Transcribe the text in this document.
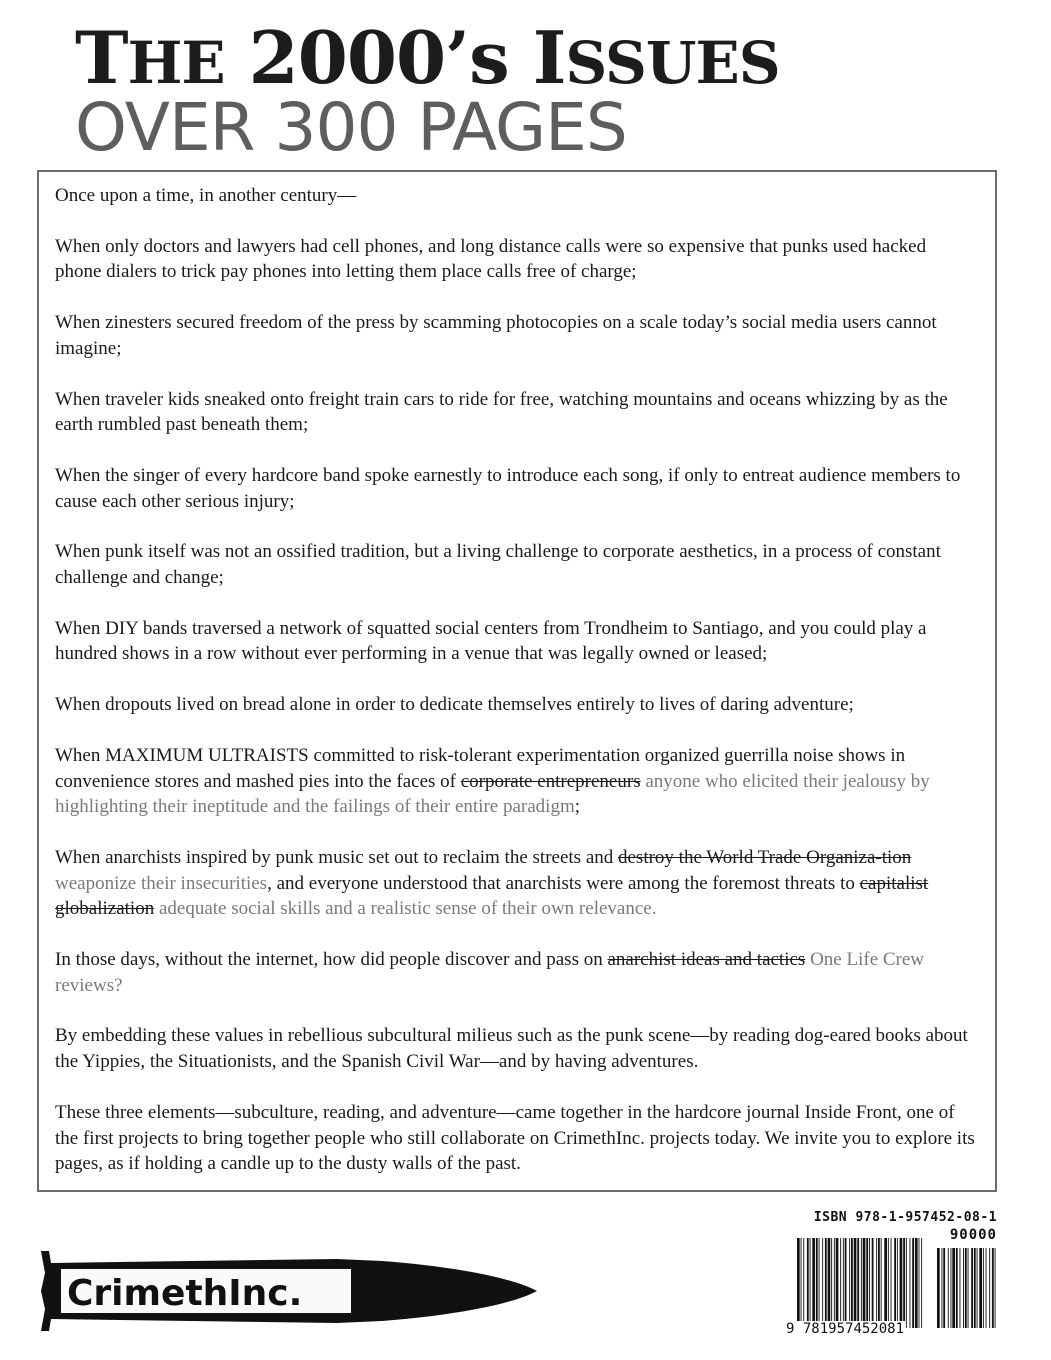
THE 2000’s ISSUES
OVER 300 PAGES

Once upon a time, in another century—

When only doctors and lawyers had cell phones, and long distance calls were so expensive that punks used hacked phone dialers to trick pay phones into letting them place calls free of charge;

When zinesters secured freedom of the press by scamming photocopies on a scale today’s social media users cannot imagine;

When traveler kids sneaked onto freight train cars to ride for free, watching mountains and oceans whizzing by as the earth rumbled past beneath them;

When the singer of every hardcore band spoke earnestly to introduce each song, if only to entreat audience members to cause each other serious injury;

When punk itself was not an ossified tradition, but a living challenge to corporate aesthetics, in a process of constant challenge and change;

When DIY bands traversed a network of squatted social centers from Trondheim to Santiago, and you could play a hundred shows in a row without ever performing in a venue that was legally owned or leased;

When dropouts lived on bread alone in order to dedicate themselves entirely to lives of daring adventure;

When MAXIMUM ULTRAISTS committed to risk-tolerant experimentation organized guerrilla noise shows in convenience stores and mashed pies into the faces of corporate entrepreneurs anyone who elicited their jealousy by highlighting their ineptitude and the failings of their entire paradigm;

When anarchists inspired by punk music set out to reclaim the streets and destroy the World Trade Organiza-tion weaponize their insecurities, and everyone understood that anarchists were among the foremost threats to capitalist globalization adequate social skills and a realistic sense of their own relevance.

In those days, without the internet, how did people discover and pass on anarchist ideas and tactics One Life Crew reviews?

By embedding these values in rebellious subcultural milieus such as the punk scene—by reading dog-eared books about the Yippies, the Situationists, and the Spanish Civil War—and by having adventures.

These three elements—subculture, reading, and adventure—came together in the hardcore journal Inside Front, one of the first projects to bring together people who still collaborate on CrimethInc. projects today. We invite you to explore its pages, as if holding a candle up to the dusty walls of the past.

CrimethInc.
ISBN 978-1-957452-08-1
90000
9 781957452081
